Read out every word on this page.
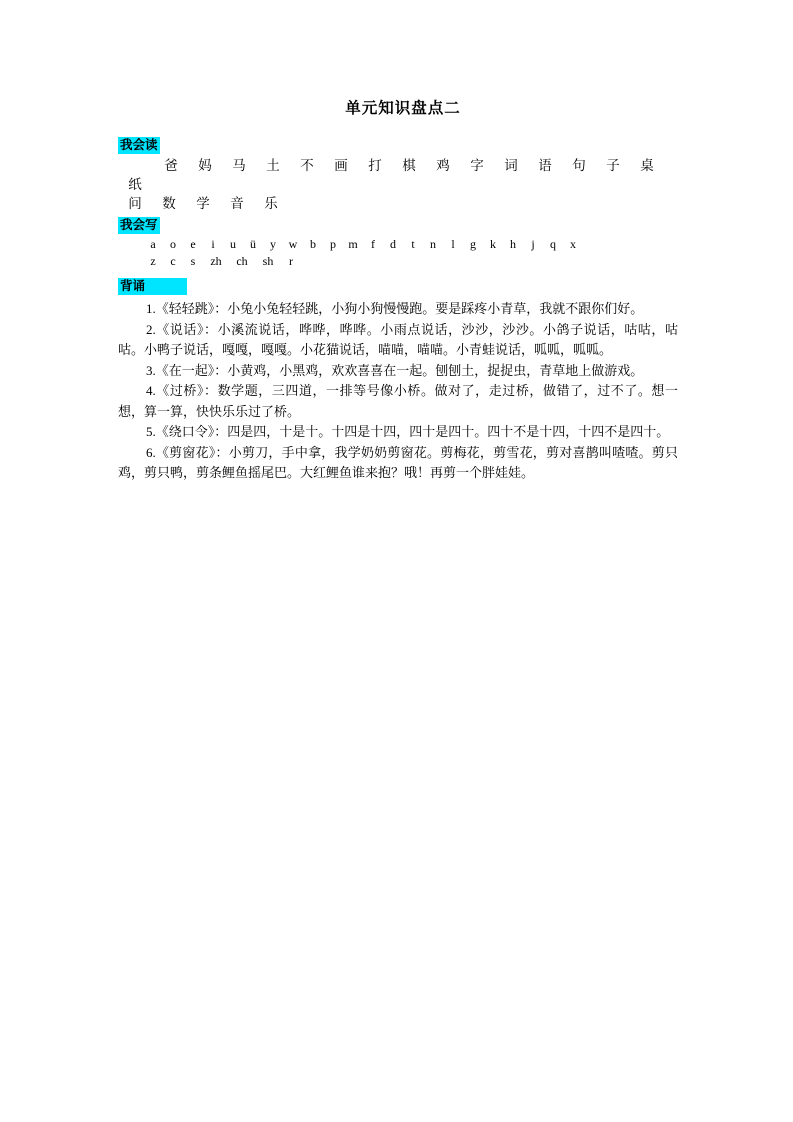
单元知识盘点二
我会读
爸 妈 马 土 不 画 打 棋 鸡 字 词 语 句 子 桌纸
问 数 学 音 乐
我会写
a o e i u ü y w b p m f d t n l g k h j q x
z c s zh ch sh r
背诵

1.《轻轻跳》：小兔小兔轻轻跳，小狗小狗慢慢跑。要是踩疼小青草，我就不跟你们好。

2.《说话》：小溪流说话，哗哗，哗哗。小雨点说话，沙沙，沙沙。小鸽子说话，咕咕，咕咕。小鸭子说话，嘎嘎，嘎嘎。小花猫说话，喵喵，喵喵。小青蛙说话，呱呱，呱呱。

3.《在一起》：小黄鸡，小黑鸡，欢欢喜喜在一起。刨刨土，捉捉虫，青草地上做游戏。

4.《过桥》：数学题，三四道，一排等号像小桥。做对了，走过桥，做错了，过不了。想一想，算一算，快快乐乐过了桥。

5.《绕口令》：四是四，十是十。十四是十四，四十是四十。四十不是十四，十四不是四十。

6.《剪窗花》：小剪刀，手中拿，我学奶奶剪窗花。剪梅花，剪雪花，剪对喜鹊叫喳喳。剪只鸡，剪只鸭，剪条鲤鱼摇尾巴。大红鲤鱼谁来抱？哦！再剪一个胖娃娃。
